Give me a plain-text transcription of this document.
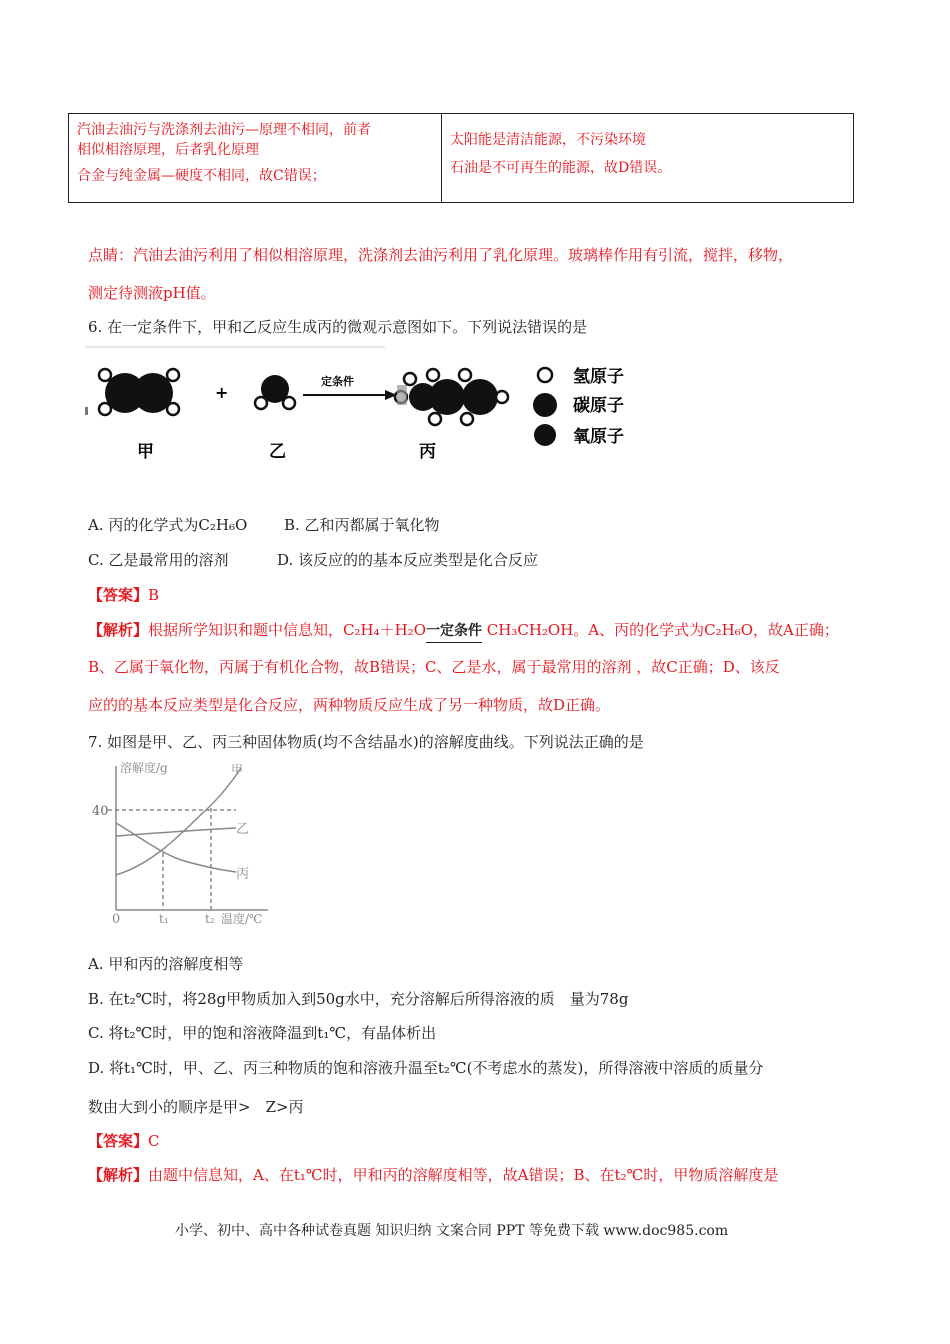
汽油去油污与洗涤剂去油污—原理不相同，前者
相似相溶原理，后者乳化原理
合金与纯金属—硬度不相同，故C错误；

太阳能是清洁能源，不污染环境
石油是不可再生的能源，故D错误。
点睛：汽油去油污利用了相似相溶原理，洗涤剂去油污利用了乳化原理。玻璃棒作用有引流，搅拌，移物，
测定待测液pH值。
6. 在一定条件下，甲和乙反应生成丙的微观示意图如下。下列说法错误的是
+
定条件
甲	乙	丙
氢原子
碳原子
氧原子
A. 丙的化学式为C₂H₆O B. 乙和丙都属于氧化物
C. 乙是最常用的溶剂	D. 该反应的的基本反应类型是化合反应
【答案】B
【解析】根据所学知识和题中信息知，C₂H₄＋H₂O一定条件 CH₃CH₂OH。A、丙的化学式为C₂H₆O，故A正确；
B、乙属于氧化物，丙属于有机化合物，故B错误；C、乙是水，属于最常用的溶剂 ，故C正确；D、该反
应的的基本反应类型是化合反应，两种物质反应生成了另一种物质，故D正确。
7. 如图是甲、乙、丙三种固体物质(均不含结晶水)的溶解度曲线。下列说法正确的是
溶解度/g
40
0	t₁	t₂ 温度/℃
甲
乙
丙
A. 甲和丙的溶解度相等
B. 在t₂℃时，将28g甲物质加入到50g水中，充分溶解后所得溶液的质　量为78g
C. 将t₂℃时，甲的饱和溶液降温到t₁℃，有晶体析出
D. 将t₁℃时，甲、乙、丙三种物质的饱和溶液升温至t₂℃(不考虑水的蒸发)，所得溶液中溶质的质量分
数由大到小的顺序是甲>　Z>丙
【答案】C
【解析】由题中信息知，A、在t₁℃时，甲和丙的溶解度相等，故A错误；B、在t₂℃时，甲物质溶解度是
小学、初中、高中各种试卷真题 知识归纳 文案合同 PPT 等免费下载 www.doc985.com
